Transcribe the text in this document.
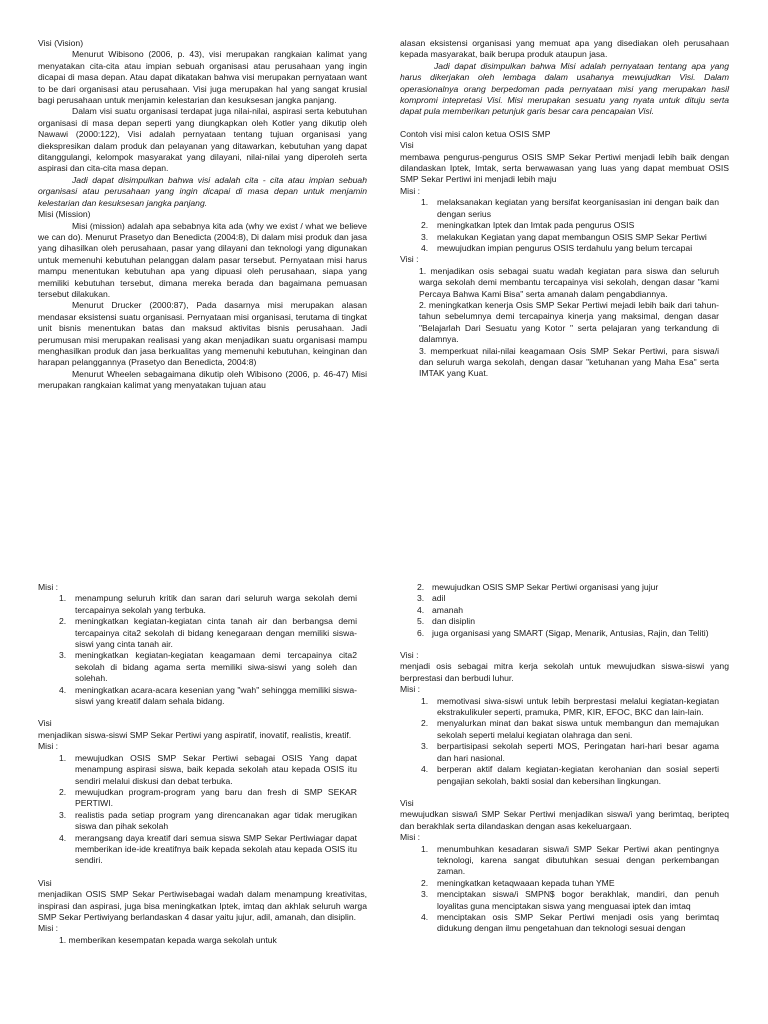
Visi (Vision)

Menurut Wibisono (2006, p. 43), visi merupakan rangkaian kalimat yang menyatakan cita-cita atau impian sebuah organisasi atau perusahaan yang ingin dicapai di masa depan. Atau dapat dikatakan bahwa visi merupakan pernyataan want to be dari organisasi atau perusahaan. Visi juga merupakan hal yang sangat krusial bagi perusahaan untuk menjamin kelestarian dan kesuksesan jangka panjang.

Dalam visi suatu organisasi terdapat juga nilai-nilai, aspirasi serta kebutuhan organisasi di masa depan seperti yang diungkapkan oleh Kotler yang dikutip oleh Nawawi (2000:122), Visi adalah pernyataan tentang tujuan organisasi yang diekspresikan dalam produk dan pelayanan yang ditawarkan, kebutuhan yang dapat ditanggulangi, kelompok masyarakat yang dilayani, nilai-nilai yang diperoleh serta aspirasi dan cita-cita masa depan.

Jadi dapat disimpulkan bahwa visi adalah cita - cita atau impian sebuah organisasi atau perusahaan yang ingin dicapai di masa depan untuk menjamin kelestarian dan kesuksesan jangka panjang.

Misi (Mission)

Misi (mission) adalah apa sebabnya kita ada (why we exist / what we believe we can do). Menurut Prasetyo dan Benedicta (2004:8), Di dalam misi produk dan jasa yang dihasilkan oleh perusahaan, pasar yang dilayani dan teknologi yang digunakan untuk memenuhi kebutuhan pelanggan dalam pasar tersebut. Pernyataan misi harus mampu menentukan kebutuhan apa yang dipuasi oleh perusahaan, siapa yang memiliki kebutuhan tersebut, dimana mereka berada dan bagaimana pemuasan tersebut dilakukan.

Menurut Drucker (2000:87), Pada dasarnya misi merupakan alasan mendasar eksistensi suatu organisasi. Pernyataan misi organisasi, terutama di tingkat unit bisnis menentukan batas dan maksud aktivitas bisnis perusahaan. Jadi perumusan misi merupakan realisasi yang akan menjadikan suatu organisasi mampu menghasilkan produk dan jasa berkualitas yang memenuhi kebutuhan, keinginan dan harapan pelanggannya (Prasetyo dan Benedicta, 2004:8)

Menurut Wheelen sebagaimana dikutip oleh Wibisono (2006, p. 46-47) Misi merupakan rangkaian kalimat yang menyatakan tujuan atau

alasan eksistensi organisasi yang memuat apa yang disediakan oleh perusahaan kepada masyarakat, baik berupa produk ataupun jasa.

Jadi dapat disimpulkan bahwa Misi adalah pernyataan tentang apa yang harus dikerjakan oleh lembaga dalam usahanya mewujudkan Visi. Dalam operasionalnya orang berpedoman pada pernyataan misi yang merupakan hasil kompromi intepretasi Visi. Misi merupakan sesuatu yang nyata untuk dituju serta dapat pula memberikan petunjuk garis besar cara pencapaian Visi.

Contoh visi misi calon ketua OSIS SMP

Visi

membawa pengurus-pengurus OSIS SMP Sekar Pertiwi menjadi lebih baik dengan dilandaskan Iptek, Imtak, serta berwawasan yang luas yang dapat membuat OSIS SMP Sekar Pertiwi ini menjadi lebih maju

Misi :

1. melaksanakan kegiatan yang bersifat keorganisasian ini dengan baik dan dengan serius
2. meningkatkan Iptek dan Imtak pada pengurus OSIS
3. melakukan Kegiatan yang dapat membangun OSIS SMP Sekar Pertiwi
4. mewujudkan impian pengurus OSIS terdahulu yang belum tercapai

Visi :

1. menjadikan osis sebagai suatu wadah kegiatan para siswa dan seluruh warga sekolah demi membantu tercapainya visi sekolah, dengan dasar "kami Percaya Bahwa Kami Bisa" serta amanah dalam pengabdiannya.

2. meningkatkan kenerja Osis SMP Sekar Pertiwi mejadi lebih baik dari tahun-tahun sebelumnya demi tercapainya kinerja yang maksimal, dengan dasar "Belajarlah Dari Sesuatu yang Kotor " serta pelajaran yang terkandung di dalamnya.

3. memperkuat nilai-nilai keagamaan Osis SMP Sekar Pertiwi, para siswa/i dan seluruh warga sekolah, dengan dasar "ketuhanan yang Maha Esa" serta IMTAK yang Kuat.

Misi :

1. menampung seluruh kritik dan saran dari seluruh warga sekolah demi tercapainya sekolah yang terbuka.
2. meningkatkan kegiatan-kegiatan cinta tanah air dan berbangsa demi tercapainya cita2 sekolah di bidang kenegaraan dengan memiliki siswa-siswi yang cinta tanah air.
3. meningkatkan kegiatan-kegiatan keagamaan demi tercapainya cita2 sekolah di bidang agama serta memiliki siwa-siswi yang soleh dan solehah.
4. meningkatkan acara-acara kesenian yang "wah" sehingga memiliki siswa-siswi yang kreatif dalam sehala bidang.

Visi

menjadikan siswa-siswi SMP Sekar Pertiwi yang aspiratif, inovatif, realistis, kreatif.

Misi :

1. mewujudkan OSIS SMP Sekar Pertiwi sebagai OSIS Yang dapat menampung aspirasi siswa, baik kepada sekolah atau kepada OSIS itu sendiri melalui diskusi dan debat terbuka.
2. mewujudkan program-program yang baru dan fresh di SMP SEKAR PERTIWI.
3. realistis pada setiap program yang direncanakan agar tidak merugikan siswa dan pihak sekolah
4. merangsang daya kreatif dari semua siswa SMP Sekar Pertiwiagar dapat memberikan ide-ide kreatifnya baik kepada sekolah atau kepada OSIS itu sendiri.

Visi

menjadikan OSIS SMP Sekar Pertiwisebagai wadah dalam menampung kreativitas, inspirasi dan aspirasi, juga bisa meningkatkan Iptek, imtaq dan akhlak seluruh warga SMP Sekar Pertiwiyang berlandaskan 4 dasar yaitu jujur, adil, amanah, dan disiplin.

Misi :

1. memberikan kesempatan kepada warga sekolah untuk

2. mewujudkan OSIS SMP Sekar Pertiwi organisasi yang jujur
3. adil
4. amanah
5. dan disiplin
6. juga organisasi yang SMART (Sigap, Menarik, Antusias, Rajin, dan Teliti)

Visi :

menjadi osis sebagai mitra kerja sekolah untuk mewujudkan siswa-siswi yang berprestasi dan berbudi luhur.

Misi :

1. memotivasi siwa-siswi untuk lebih berprestasi melalui kegiatan-kegiatan ekstrakulikuler seperti, pramuka, PMR, KIR, EFOC, BKC dan lain-lain.
2. menyalurkan minat dan bakat siswa untuk membangun dan memajukan sekolah seperti melalui kegiatan olahraga dan seni.
3. berpartisipasi sekolah seperti MOS, Peringatan hari-hari besar agama dan hari nasional.
4. berperan aktif dalam kegiatan-kegiatan kerohanian dan sosial seperti pengajian sekolah, bakti sosial dan kebersihan lingkungan.

Visi

mewujudkan siswa/i SMP Sekar Pertiwi menjadikan siswa/i yang berimtaq, beripteq dan berakhlak serta dilandaskan dengan asas kekeluargaan.

Misi :

1. menumbuhkan kesadaran siswa/i SMP Sekar Pertiwi akan pentingnya teknologi, karena sangat dibutuhkan sesuai dengan perkembangan zaman.
2. meningkatkan ketaqwaaan kepada tuhan YME
3. menciptakan siswa/i SMPN$ bogor berakhlak, mandiri, dan penuh loyalitas guna menciptakan siswa yang menguasai iptek dan imtaq
4. menciptakan osis SMP Sekar Pertiwi menjadi osis yang berimtaq didukung dengan ilmu pengetahuan dan teknologi sesuai dengan
